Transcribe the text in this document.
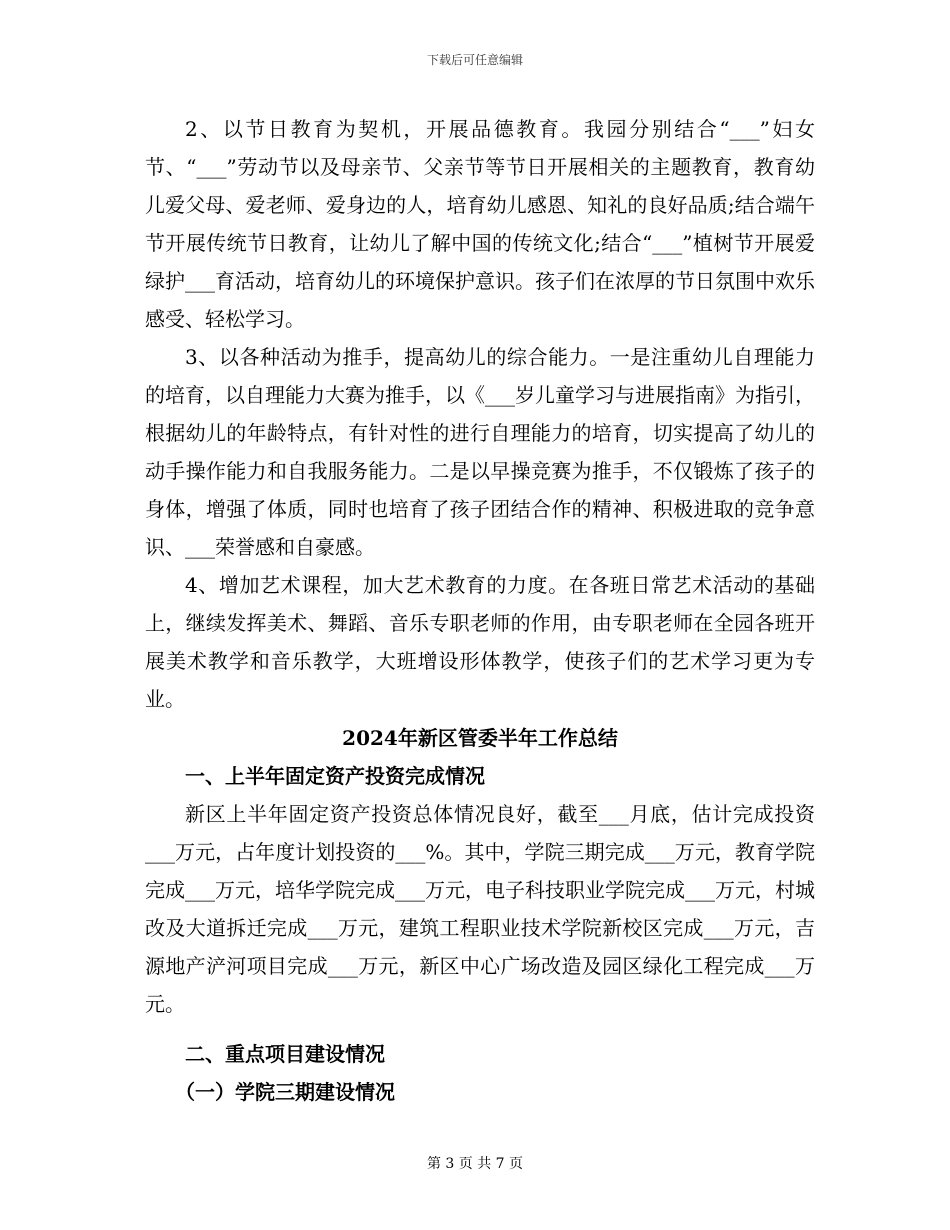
下载后可任意编辑

2、以节日教育为契机，开展品德教育。我园分别结合“___”妇女节、“___”劳动节以及母亲节、父亲节等节日开展相关的主题教育，教育幼儿爱父母、爱老师、爱身边的人，培育幼儿感恩、知礼的良好品质;结合端午节开展传统节日教育，让幼儿了解中国的传统文化;结合“___”植树节开展爱绿护___育活动，培育幼儿的环境保护意识。孩子们在浓厚的节日氛围中欢乐感受、轻松学习。

3、以各种活动为推手，提高幼儿的综合能力。一是注重幼儿自理能力的培育，以自理能力大赛为推手，以《___岁儿童学习与进展指南》为指引，根据幼儿的年龄特点，有针对性的进行自理能力的培育，切实提高了幼儿的动手操作能力和自我服务能力。二是以早操竞赛为推手，不仅锻炼了孩子的身体，增强了体质，同时也培育了孩子团结合作的精神、积极进取的竞争意识、___荣誉感和自豪感。

4、增加艺术课程，加大艺术教育的力度。在各班日常艺术活动的基础上，继续发挥美术、舞蹈、音乐专职老师的作用，由专职老师在全园各班开展美术教学和音乐教学，大班增设形体教学，使孩子们的艺术学习更为专业。

2024年新区管委半年工作总结
一、上半年固定资产投资完成情况

新区上半年固定资产投资总体情况良好，截至___月底，估计完成投资___万元，占年度计划投资的___%。其中，学院三期完成___万元，教育学院完成___万元，培华学院完成___万元，电子科技职业学院完成___万元，村城改及大道拆迁完成___万元，建筑工程职业技术学院新校区完成___万元，吉源地产浐河项目完成___万元，新区中心广场改造及园区绿化工程完成___万元。

二、重点项目建设情况
（一）学院三期建设情况
第 3 页 共 7 页
